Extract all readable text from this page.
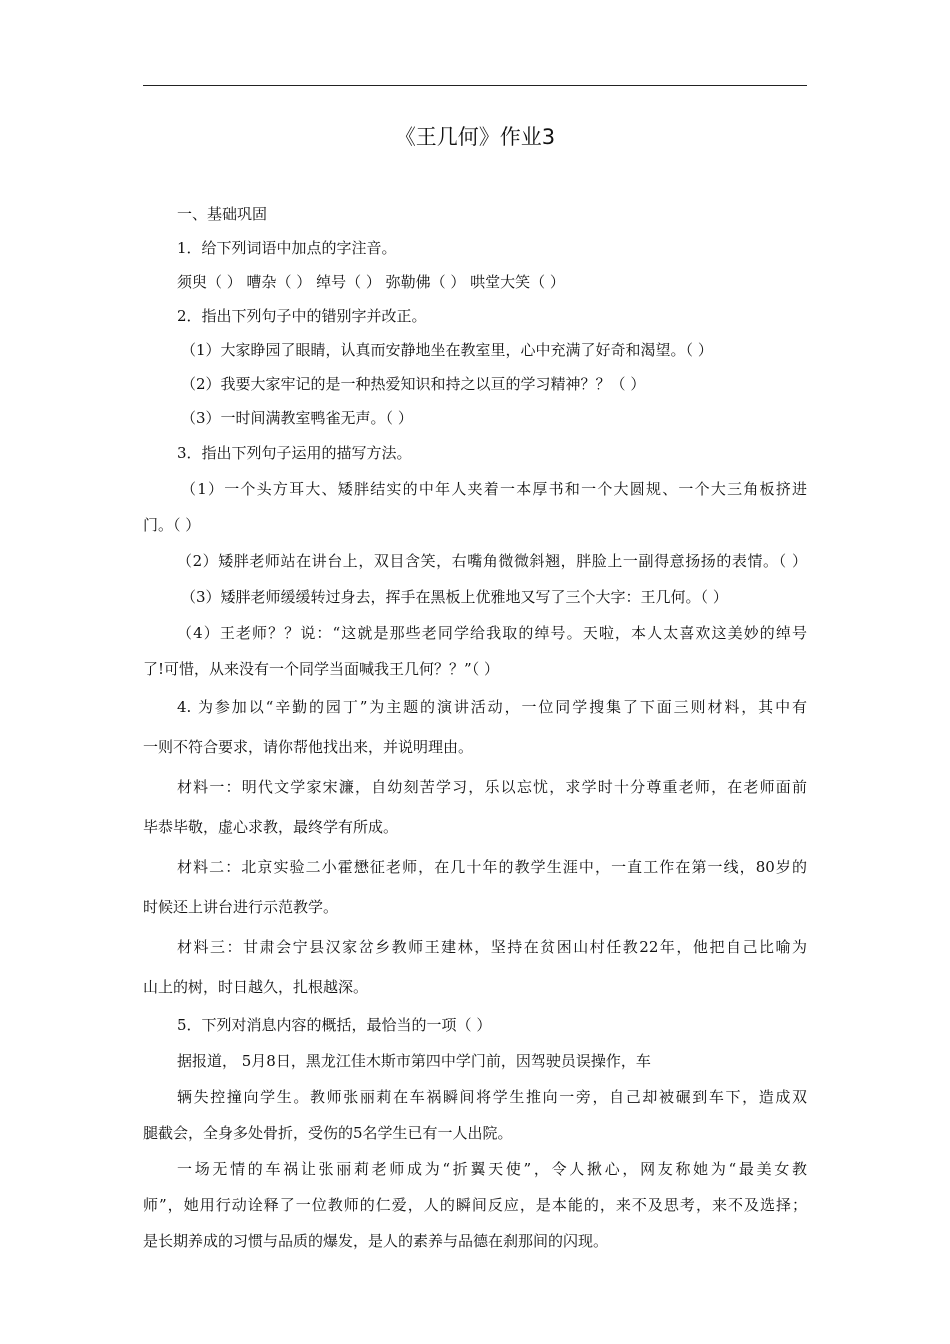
《王几何》作业3
一、基础巩固
1．给下列词语中加点的字注音。
须臾（ ） 嘈杂（ ） 绰号（ ） 弥勒佛（ ） 哄堂大笑（ ）
2．指出下列句子中的错别字并改正。
（1）大家睁园了眼睛，认真而安静地坐在教室里，心中充满了好奇和渴望。（ ）
（2）我要大家牢记的是一种热爱知识和持之以亘的学习精神？？（ ）
（3）一时间满教室鸭雀无声。（ ）
3．指出下列句子运用的描写方法。
（1）一个头方耳大、矮胖结实的中年人夹着一本厚书和一个大圆规、一个大三角板挤进
门。（ ）
（2）矮胖老师站在讲台上，双目含笑，右嘴角微微斜翘，胖脸上一副得意扬扬的表情。（ ）
（3）矮胖老师缓缓转过身去，挥手在黑板上优雅地又写了三个大字：王几何。（ ）
（4）王老师？？说：“这就是那些老同学给我取的绰号。天啦，本人太喜欢这美妙的绰号
了!可惜，从来没有一个同学当面喊我王几何？？”（ ）
4. 为参加以“辛勤的园丁”为主题的演讲活动，一位同学搜集了下面三则材料，其中有
一则不符合要求，请你帮他找出来，并说明理由。
材料一：明代文学家宋濂，自幼刻苦学习，乐以忘忧，求学时十分尊重老师，在老师面前
毕恭毕敬，虚心求教，最终学有所成。
材料二：北京实验二小霍懋征老师，在几十年的教学生涯中，一直工作在第一线，80岁的
时候还上讲台进行示范教学。
材料三：甘肃会宁县汉家岔乡教师王建林，坚持在贫困山村任教22年，他把自己比喻为
山上的树，时日越久，扎根越深。
5．下列对消息内容的概括，最恰当的一项（ ）
据报道， 5月8日，黑龙江佳木斯市第四中学门前，因驾驶员误操作，车
辆失控撞向学生。教师张丽莉在车祸瞬间将学生推向一旁，自己却被碾到车下，造成双
腿截会，全身多处骨折，受伤的5名学生已有一人出院。
一场无情的车祸让张丽莉老师成为“折翼天使”，令人揪心，网友称她为“最美女教
师”，她用行动诠释了一位教师的仁爱，人的瞬间反应，是本能的，来不及思考，来不及选择；
是长期养成的习惯与品质的爆发，是人的素养与品德在刹那间的闪现。
